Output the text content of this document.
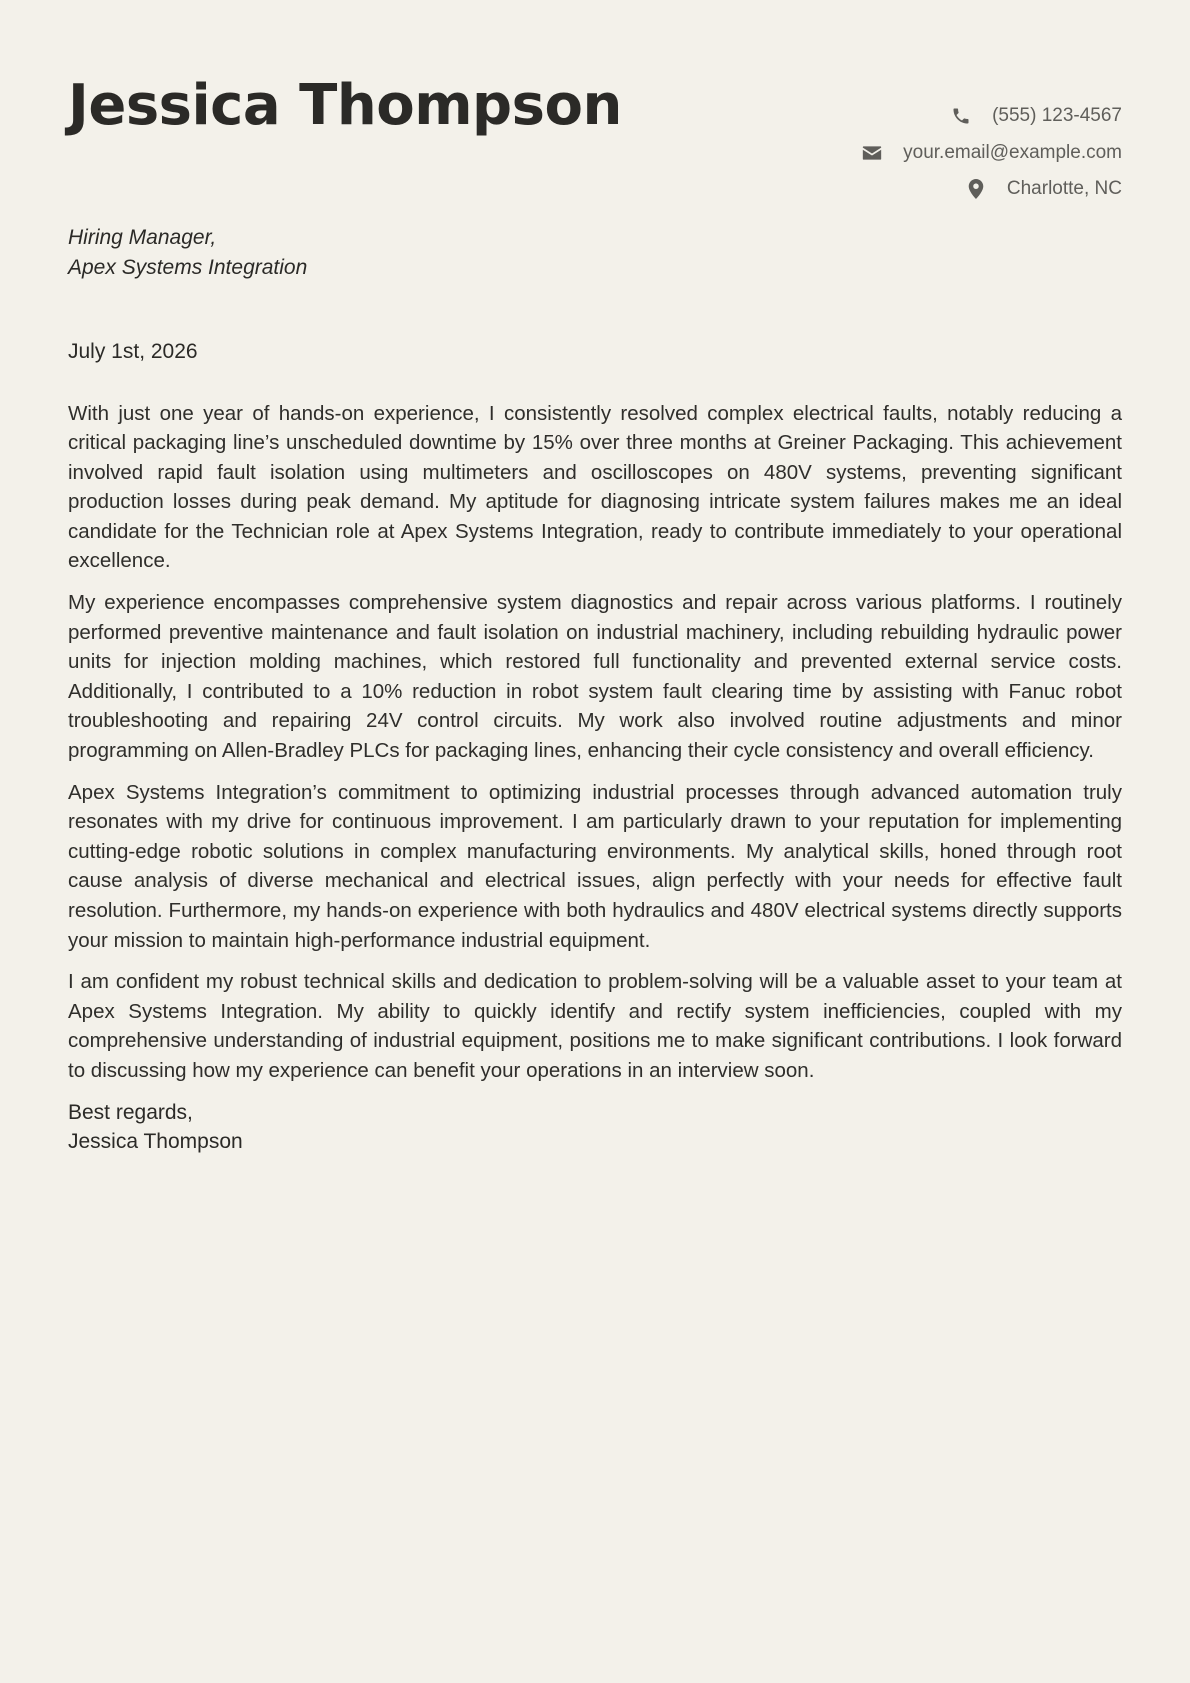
Jessica Thompson	(555) 123-4567
your.email@example.com
Charlotte, NC
Hiring Manager,
Apex Systems Integration
July 1st, 2026

With just one year of hands-on experience, I consistently resolved complex electrical faults, notably reducing a critical packaging line’s unscheduled downtime by 15% over three months at Greiner Packaging. This achievement involved rapid fault isolation using multimeters and oscilloscopes on 480V systems, preventing significant production losses during peak demand. My aptitude for diagnosing intricate system failures makes me an ideal candidate for the Technician role at Apex Systems Integration, ready to contribute immediately to your operational excellence.

My experience encompasses comprehensive system diagnostics and repair across various platforms. I routinely performed preventive maintenance and fault isolation on industrial machinery, including rebuilding hydraulic power units for injection molding machines, which restored full functionality and prevented external service costs. Additionally, I contributed to a 10% reduction in robot system fault clearing time by assisting with Fanuc robot troubleshooting and repairing 24V control circuits. My work also involved routine adjustments and minor programming on Allen-Bradley PLCs for packaging lines, enhancing their cycle consistency and overall efficiency.

Apex Systems Integration’s commitment to optimizing industrial processes through advanced automation truly resonates with my drive for continuous improvement. I am particularly drawn to your reputation for implementing cutting-edge robotic solutions in complex manufacturing environments. My analytical skills, honed through root cause analysis of diverse mechanical and electrical issues, align perfectly with your needs for effective fault resolution. Furthermore, my hands-on experience with both hydraulics and 480V electrical systems directly supports your mission to maintain high-performance industrial equipment.

I am confident my robust technical skills and dedication to problem-solving will be a valuable asset to your team at Apex Systems Integration. My ability to quickly identify and rectify system inefficiencies, coupled with my comprehensive understanding of industrial equipment, positions me to make significant contributions. I look forward to discussing how my experience can benefit your operations in an interview soon.

Best regards,
Jessica Thompson
